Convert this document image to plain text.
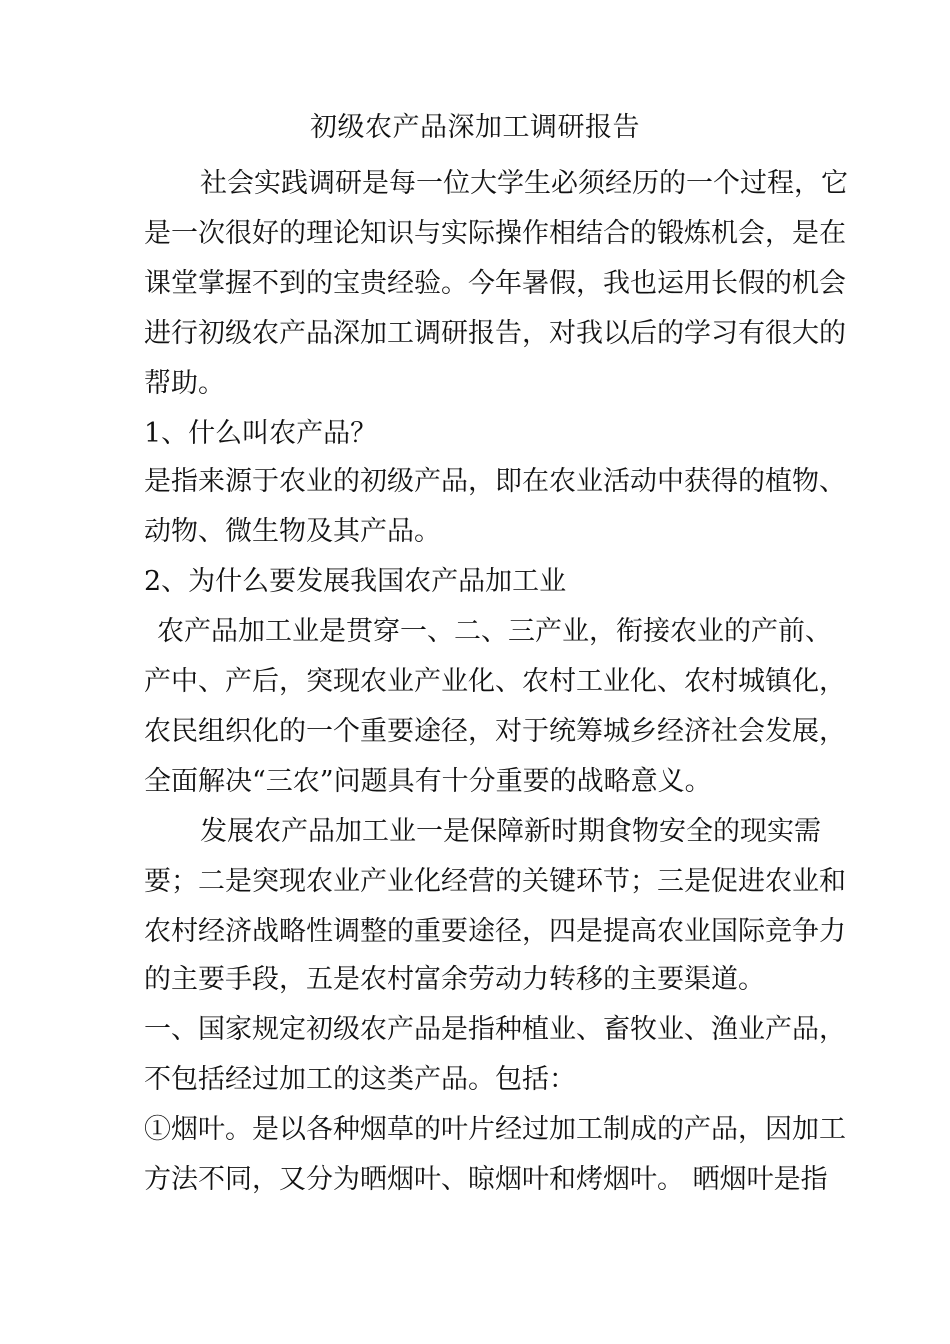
初级农产品深加工调研报告
社会实践调研是每一位大学生必须经历的一个过程，它
是一次很好的理论知识与实际操作相结合的锻炼机会，是在
课堂掌握不到的宝贵经验。今年暑假，我也运用长假的机会
进行初级农产品深加工调研报告，对我以后的学习有很大的
帮助。
1、什么叫农产品？
是指来源于农业的初级产品，即在农业活动中获得的植物、
动物、微生物及其产品。
2、为什么要发展我国农产品加工业
农产品加工业是贯穿一、二、三产业，衔接农业的产前、
产中、产后，突现农业产业化、农村工业化、农村城镇化，
农民组织化的一个重要途径，对于统筹城乡经济社会发展，
全面解决“三农”问题具有十分重要的战略意义。
发展农产品加工业一是保障新时期食物安全的现实需
要；二是突现农业产业化经营的关键环节；三是促进农业和
农村经济战略性调整的重要途径，四是提高农业国际竞争力
的主要手段，五是农村富余劳动力转移的主要渠道。
一、国家规定初级农产品是指种植业、畜牧业、渔业产品，
不包括经过加工的这类产品。包括：
①烟叶。是以各种烟草的叶片经过加工制成的产品，因加工
方法不同，又分为晒烟叶、晾烟叶和烤烟叶。 晒烟叶是指
